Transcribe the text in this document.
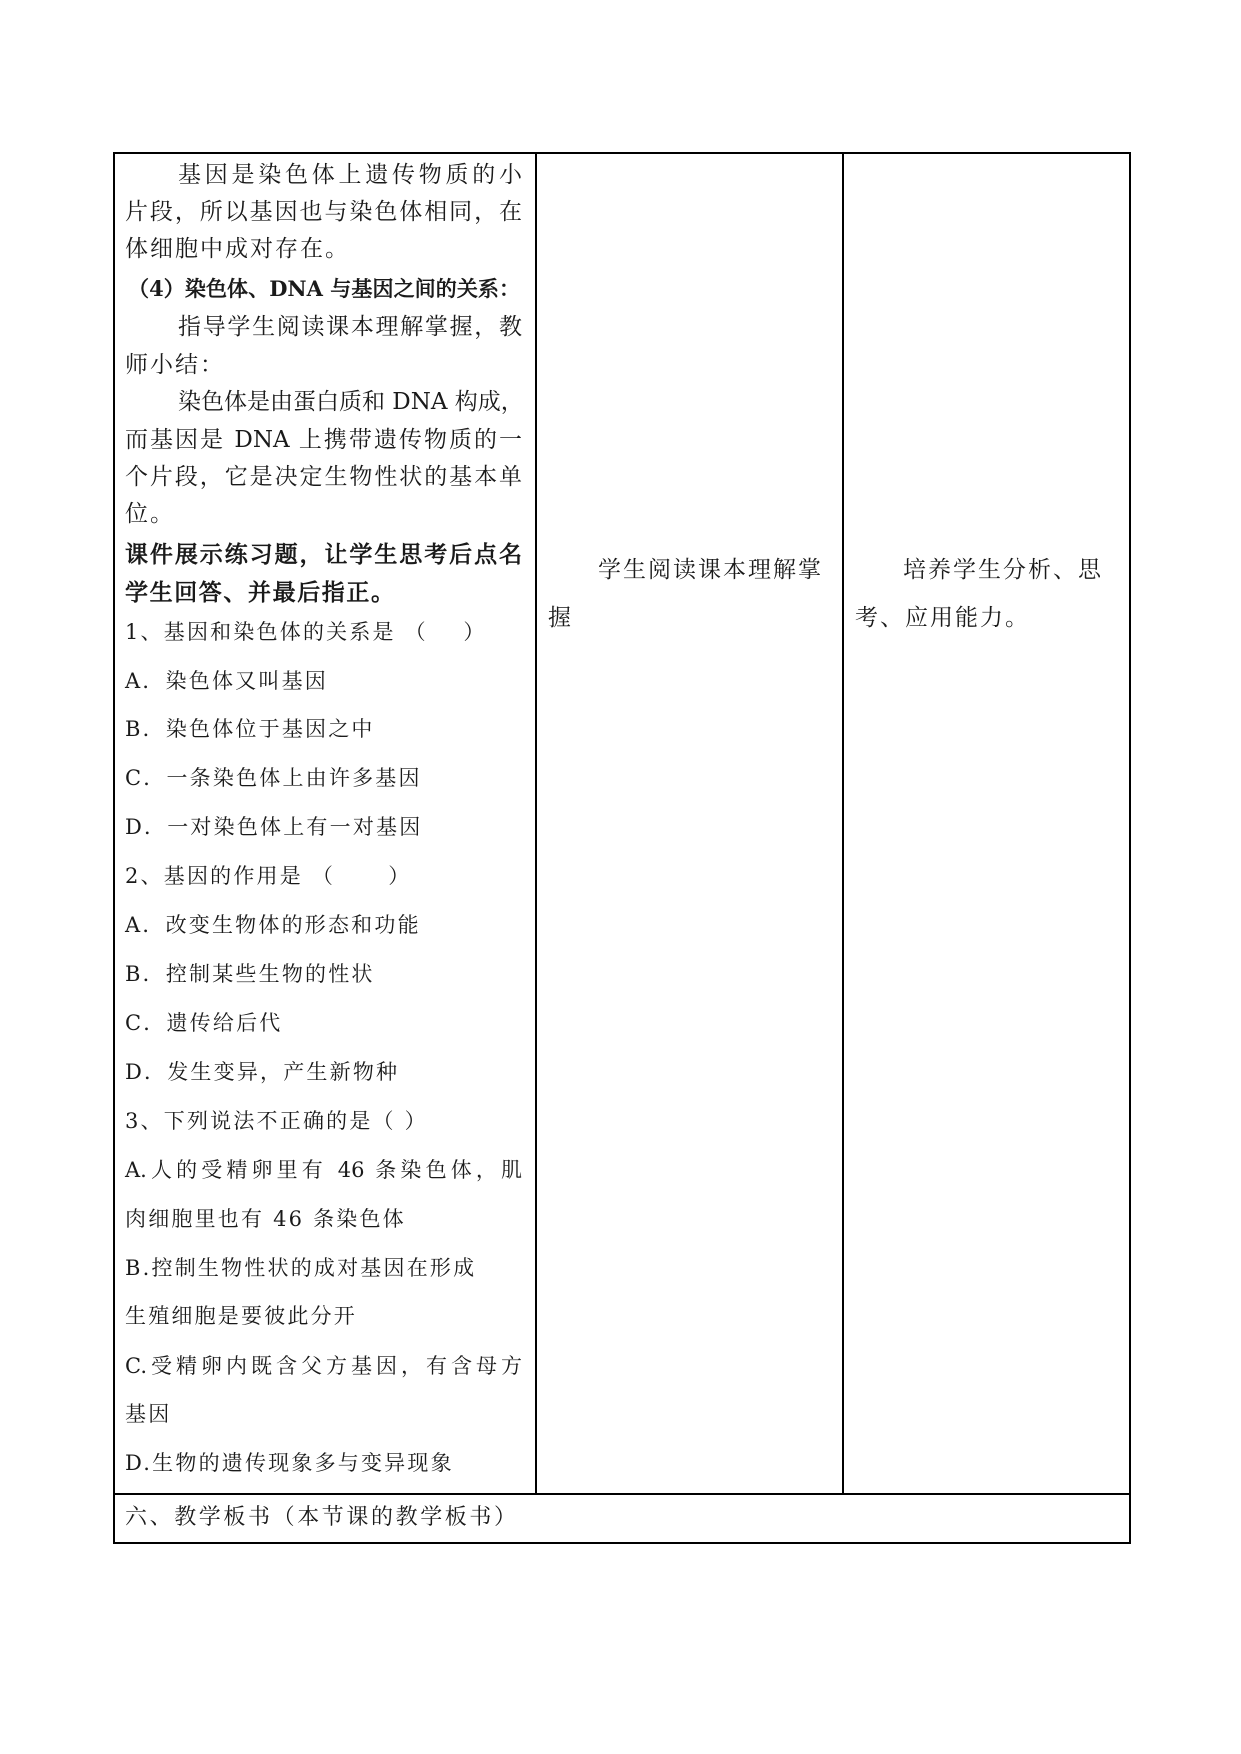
基因是染色体上遗传物质的小
片段，所以基因也与染色体相同，在
体细胞中成对存在。
（4）染色体、DNA 与基因之间的关系：
指导学生阅读课本理解掌握，教
师小结：
染色体是由蛋白质和 DNA 构成，
而基因是 DNA 上携带遗传物质的一
个片段，它是决定生物性状的基本单
位。
课件展示练习题，让学生思考后点名
学生回答、并最后指正。
1、基因和染色体的关系是 （    ）
A．染色体又叫基因
B．染色体位于基因之中
C．一条染色体上由许多基因
D．一对染色体上有一对基因
2、基因的作用是 （      ）
A．改变生物体的形态和功能
B．控制某些生物的性状
C．遗传给后代
D．发生变异，产生新物种
3、下列说法不正确的是（ ）
A.人的受精卵里有 46 条染色体，肌
肉细胞里也有 46 条染色体
B.控制生物性状的成对基因在形成
生殖细胞是要彼此分开
C.受精卵内既含父方基因，有含母方
基因
D.生物的遗传现象多与变异现象
学生阅读课本理解掌
握
培养学生分析、思
考、应用能力。
六、教学板书（本节课的教学板书）
